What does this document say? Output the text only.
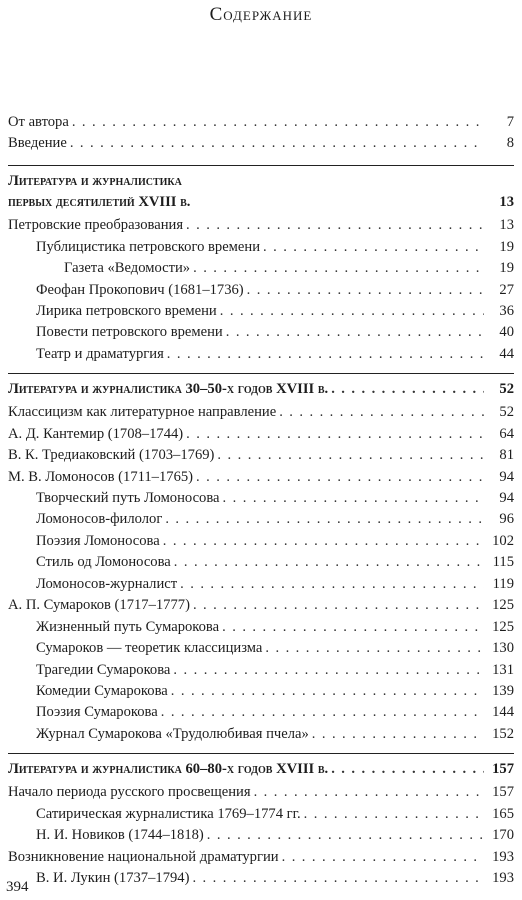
Содержание
От автора . . .	7
Введение . . .	8
Литература и журналистика
первых десятилетий XVIII в.	13
Петровские преобразования . . .	13
Публицистика петровского времени . . .	19
Газета «Ведомости» . . .	19
Феофан Прокопович (1681–1736) . . .	27
Лирика петровского времени . . .	36
Повести петровского времени . . .	40
Театр и драматургия . . .	44
Литература и журналистика 30–50-х годов XVIII в. . . .	52
Классицизм как литературное направление . . .	52
А. Д. Кантемир (1708–1744) . . .	64
В. К. Тредиаковский (1703–1769) . . .	81
М. В. Ломоносов (1711–1765) . . .	94
Творческий путь Ломоносова . . .	94
Ломоносов-филолог . . .	96
Поэзия Ломоносова . . .	102
Стиль од Ломоносова . . .	115
Ломоносов-журналист . . .	119
А. П. Сумароков (1717–1777) . . .	125
Жизненный путь Сумарокова . . .	125
Сумароков — теоретик классицизма . . .	130
Трагедии Сумарокова . . .	131
Комедии Сумарокова . . .	139
Поэзия Сумарокова . . .	144
Журнал Сумарокова «Трудолюбивая пчела» . . .	152
Литература и журналистика 60–80-х годов XVIII в. . . .	157
Начало периода русского просвещения . . .	157
Сатирическая журналистика 1769–1774 гг. . . .	165
Н. И. Новиков (1744–1818) . . .	170
Возникновение национальной драматургии . . .	193
В. И. Лукин (1737–1794) . . .	193
394
